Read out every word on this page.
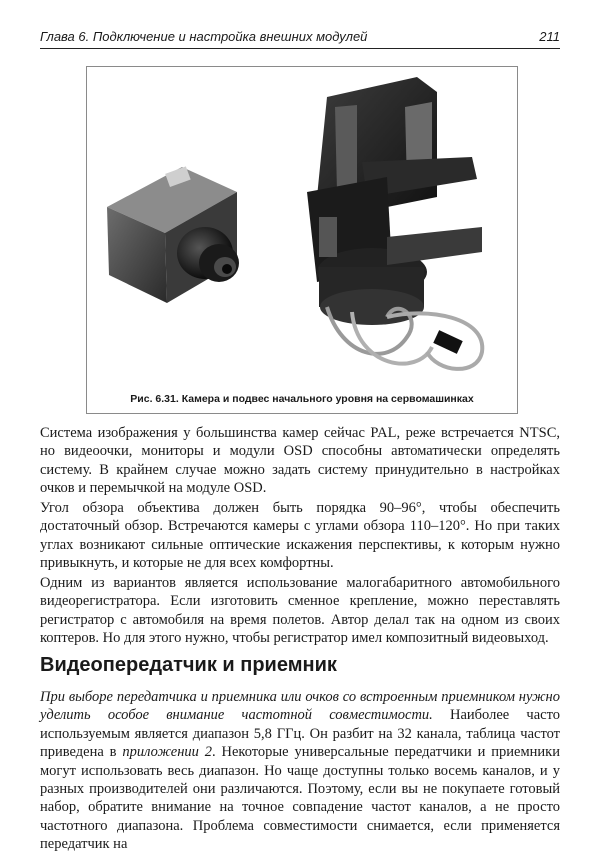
Глава 6. Подключение и настройка внешних модулей	211
Рис. 6.31. Камера и подвес начального уровня на сервомашинках

Система изображения у большинства камер сейчас PAL, реже встречается NTSC, но видеоочки, мониторы и модули OSD способны автоматически определять систему. В крайнем случае можно задать систему принудительно в настройках очков и перемычкой на модуле OSD.

Угол обзора объектива должен быть порядка 90–96°, чтобы обеспечить достаточный обзор. Встречаются камеры с углами обзора 110–120°. Но при таких углах возникают сильные оптические искажения перспективы, к которым нужно привыкнуть, и которые не для всех комфортны.

Одним из вариантов является использование малогабаритного автомобильного видеорегистратора. Если изготовить сменное крепление, можно переставлять регистратор с автомобиля на время полетов. Автор делал так на одном из своих коптеров. Но для этого нужно, чтобы регистратор имел композитный видеовыход.

Видеопередатчик и приемник

При выборе передатчика и приемника или очков со встроенным приемником нужно уделить особое внимание частотной совместимости. Наиболее часто используемым является диапазон 5,8 ГГц. Он разбит на 32 канала, таблица частот приведена в приложении 2. Некоторые универсальные передатчики и приемники могут использовать весь диапазон. Но чаще доступны только восемь каналов, и у разных производителей они различаются. Поэтому, если вы не покупаете готовый набор, обратите внимание на точное совпадение частот каналов, а не просто частотного диапазона. Проблема совместимости снимается, если применяется передатчик на
